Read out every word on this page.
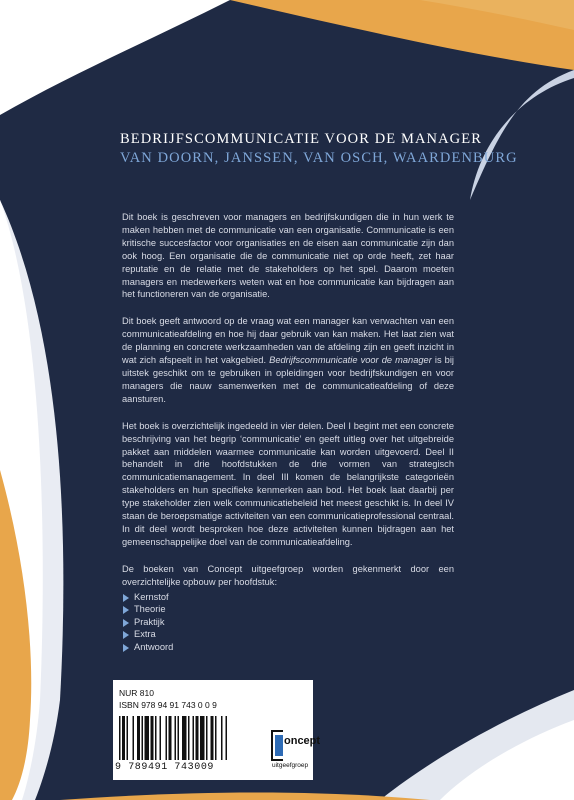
BEDRIJFSCOMMUNICATIE VOOR DE MANAGER
VAN DOORN, JANSSEN, VAN OSCH, WAARDENBURG

Dit boek is geschreven voor managers en bedrijfskundigen die in hun werk te maken hebben met de communicatie van een organisatie. Communicatie is een kritische succesfactor voor organisaties en de eisen aan communicatie zijn dan ook hoog. Een organisatie die de communicatie niet op orde heeft, zet haar reputatie en de relatie met de stakeholders op het spel. Daarom moeten managers en medewerkers weten wat en hoe communicatie kan bijdragen aan het functioneren van de organisatie.

Dit boek geeft antwoord op de vraag wat een manager kan verwachten van een communicatieafdeling en hoe hij daar gebruik van kan maken. Het laat zien wat de planning en concrete werkzaamheden van de afdeling zijn en geeft inzicht in wat zich afspeelt in het vakgebied. Bedrijfscommunicatie voor de manager is bij uitstek geschikt om te gebruiken in opleidingen voor bedrijfskundigen en voor managers die nauw samenwerken met de communicatieafdeling of deze aansturen.

Het boek is overzichtelijk ingedeeld in vier delen. Deel I begint met een concrete beschrijving van het begrip ‘communicatie’ en geeft uitleg over het uitgebreide pakket aan middelen waarmee communicatie kan worden uitgevoerd. Deel II behandelt in drie hoofdstukken de drie vormen van strategisch communicatiemanagement. In deel III komen de belangrijkste categorieën stakeholders en hun specifieke kenmerken aan bod. Het boek laat daarbij per type stakeholder zien welk communicatiebeleid het meest geschikt is. In deel IV staan de beroepsmatige activiteiten van een communicatieprofessional centraal. In dit deel wordt besproken hoe deze activiteiten kunnen bijdragen aan het gemeenschappelijke doel van de communicatieafdeling.

De boeken van Concept uitgeefgroep worden gekenmerkt door een overzichtelijke opbouw per hoofdstuk:

Kernstof
Theorie
Praktijk
Extra
Antwoord
NUR 810
ISBN 978 94 91 743 0 0 9
9 789491 743009
oncept
uitgeefgroep
